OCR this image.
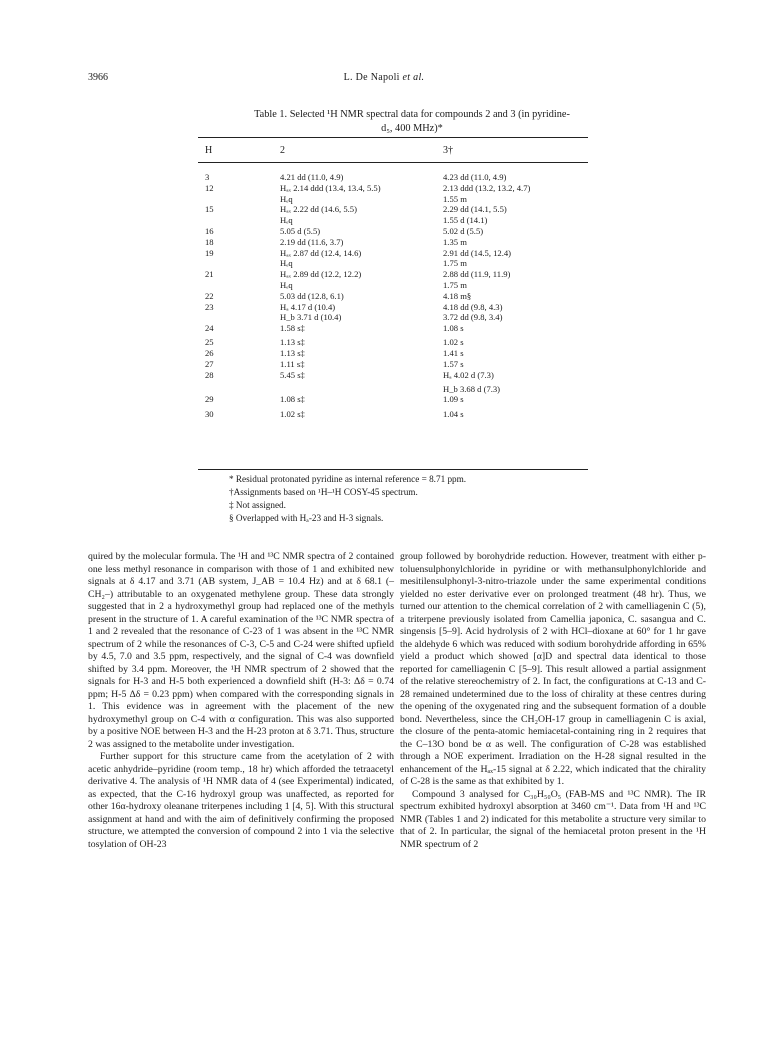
3966	L. De Napoli et al.
Table 1. Selected ¹H NMR spectral data for compounds 2 and 3 (in pyridine-
d₅, 400 MHz)*
H	2	3†
3	4.21 dd (11.0, 4.9)	4.23 dd (11.0, 4.9)
12	Hₐₓ 2.14 ddd (13.4, 13.4, 5.5)	2.13 ddd (13.2, 13.2, 4.7)
	Hₑq	1.55 m
15	Hₐₓ 2.22 dd (14.6, 5.5)	2.29 dd (14.1, 5.5)
	Hₑq	1.55 d (14.1)
16	5.05 d (5.5)	5.02 d (5.5)
18	2.19 dd (11.6, 3.7)	1.35 m
19	Hₐₓ 2.87 dd (12.4, 14.6)	2.91 dd (14.5, 12.4)
	Hₑq	1.75 m
21	Hₐₓ 2.89 dd (12.2, 12.2)	2.88 dd (11.9, 11.9)
	Hₑq	1.75 m
22	5.03 dd (12.8, 6.1)	4.18 m§
23	Hₐ 4.17 d (10.4)	4.18 dd (9.8, 4.3)
	H_b 3.71 d (10.4)	3.72 dd (9.8, 3.4)
24	1.58 s‡	1.08 s
25	1.13 s‡	1.02 s
26	1.13 s‡	1.41 s
27	1.11 s‡	1.57 s
28	5.45 s‡	Hₐ 4.02 d (7.3)
		H_b 3.68 d (7.3)
29	1.08 s‡	1.09 s
30	1.02 s‡	1.04 s
* Residual protonated pyridine as internal reference = 8.71 ppm.
†Assignments based on ¹H–¹H COSY-45 spectrum.
‡ Not assigned.
§ Overlapped with Hₐ-23 and H-3 signals.

quired by the molecular formula. The ¹H and ¹³C NMR spectra of 2 contained one less methyl resonance in comparison with those of 1 and exhibited new signals at δ 4.17 and 3.71 (AB system, J_AB = 10.4 Hz) and at δ 68.1 (–CH₂–) attributable to an oxygenated methylene group. These data strongly suggested that in 2 a hydroxymethyl group had replaced one of the methyls present in the structure of 1. A careful examination of the ¹³C NMR spectra of 1 and 2 revealed that the resonance of C-23 of 1 was absent in the ¹³C NMR spectrum of 2 while the resonances of C-3, C-5 and C-24 were shifted upfield by 4.5, 7.0 and 3.5 ppm, respectively, and the signal of C-4 was downfield shifted by 3.4 ppm. Moreover, the ¹H NMR spectrum of 2 showed that the signals for H-3 and H-5 both experienced a downfield shift (H-3: Δδ = 0.74 ppm; H-5 Δδ = 0.23 ppm) when compared with the corresponding signals in 1. This evidence was in agreement with the placement of the new hydroxymethyl group on C-4 with α configuration. This was also supported by a positive NOE between H-3 and the H-23 proton at δ 3.71. Thus, structure 2 was assigned to the metabolite under investigation.

Further support for this structure came from the acetylation of 2 with acetic anhydride–pyridine (room temp., 18 hr) which afforded the tetraacetyl derivative 4. The analysis of ¹H NMR data of 4 (see Experimental) indicated, as expected, that the C-16 hydroxyl group was unaffected, as reported for other 16α-hydroxy oleanane triterpenes including 1 [4, 5]. With this structural assignment at hand and with the aim of definitively confirming the proposed structure, we attempted the conversion of compound 2 into 1 via the selective tosylation of OH-23

group followed by borohydride reduction. However, treatment with either p-toluensulphonylchloride in pyridine or with methansulphonylchloride and mesitilensulphonyl-3-nitro-triazole under the same experimental conditions yielded no ester derivative ever on prolonged treatment (48 hr). Thus, we turned our attention to the chemical correlation of 2 with camelliagenin C (5), a triterpene previously isolated from Camellia japonica, C. sasangua and C. singensis [5–9]. Acid hydrolysis of 2 with HCl–dioxane at 60° for 1 hr gave the aldehyde 6 which was reduced with sodium borohydride affording in 65% yield a product which showed [α]D and spectral data identical to those reported for camelliagenin C [5–9]. This result allowed a partial assignment of the relative stereochemistry of 2. In fact, the configurations at C-13 and C-28 remained undetermined due to the loss of chirality at these centres during the opening of the oxygenated ring and the subsequent formation of a double bond. Nevertheless, since the CH₂OH-17 group in camelliagenin C is axial, the closure of the penta-atomic hemiacetal-containing ring in 2 requires that the C–13O bond be α as well. The configuration of C-28 was established through a NOE experiment. Irradiation on the H-28 signal resulted in the enhancement of the Hₐₓ-15 signal at δ 2.22, which indicated that the chirality of C-28 is the same as that exhibited by 1.

Compound 3 analysed for C₃₀H₅₀O₅ (FAB-MS and ¹³C NMR). The IR spectrum exhibited hydroxyl absorption at 3460 cm⁻¹. Data from ¹H and ¹³C NMR (Tables 1 and 2) indicated for this metabolite a structure very similar to that of 2. In particular, the signal of the hemiacetal proton present in the ¹H NMR spectrum of 2
